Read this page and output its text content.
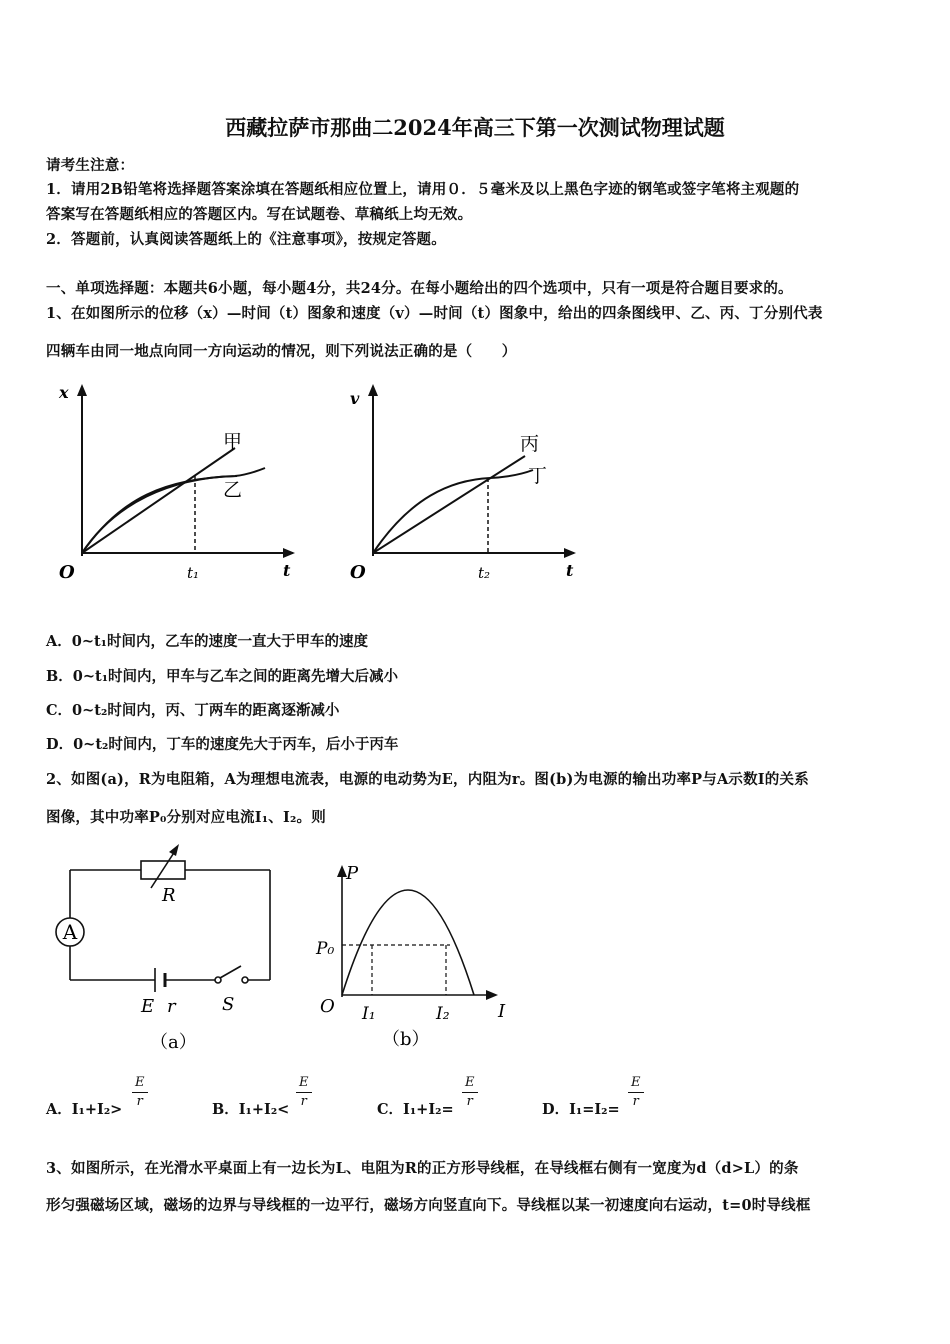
西藏拉萨市那曲二2024年高三下第一次测试物理试题
请考生注意：
1．请用2B铅笔将选择题答案涂填在答题纸相应位置上，请用０．５毫米及以上黑色字迹的钢笔或签字笔将主观题的
答案写在答题纸相应的答题区内。写在试题卷、草稿纸上均无效。
2．答题前，认真阅读答题纸上的《注意事项》，按规定答题。
一、单项选择题：本题共6小题，每小题4分，共24分。在每小题给出的四个选项中，只有一项是符合题目要求的。
1、在如图所示的位移（x）—时间（t）图象和速度（v）—时间（t）图象中，给出的四条图线甲、乙、丙、丁分别代表
四辆车由同一地点向同一方向运动的情况，则下列说法正确的是（　　）
x
t
O	t₁
甲
乙
v
t
O	t₂
丙
丁
A．0~t₁时间内，乙车的速度一直大于甲车的速度
B．0~t₁时间内，甲车与乙车之间的距离先增大后减小
C．0~t₂时间内，丙、丁两车的距离逐渐减小
D．0~t₂时间内，丁车的速度先大于丙车，后小于丙车
2、如图(a)，R为电阻箱，A为理想电流表，电源的电动势为E，内阻为r。图(b)为电源的输出功率P与A示数I的关系
图像，其中功率P₀分别对应电流I₁、I₂。则
A
R
E r	S
（a）
P
P₀
O I₁	I₂	I
（b）
A．$I_1+I_2> \frac{E}{r}$	B．$I_1+I_2< \frac{E}{r}$	C．$I_1+I_2= \frac{E}{r}$	D．$I_1=I_2= \frac{E}{r}$
3、如图所示，在光滑水平桌面上有一边长为L、电阻为R的正方形导线框，在导线框右侧有一宽度为d（d>L）的条
形匀强磁场区域，磁场的边界与导线框的一边平行，磁场方向竖直向下。导线框以某一初速度向右运动，t=0时导线框
